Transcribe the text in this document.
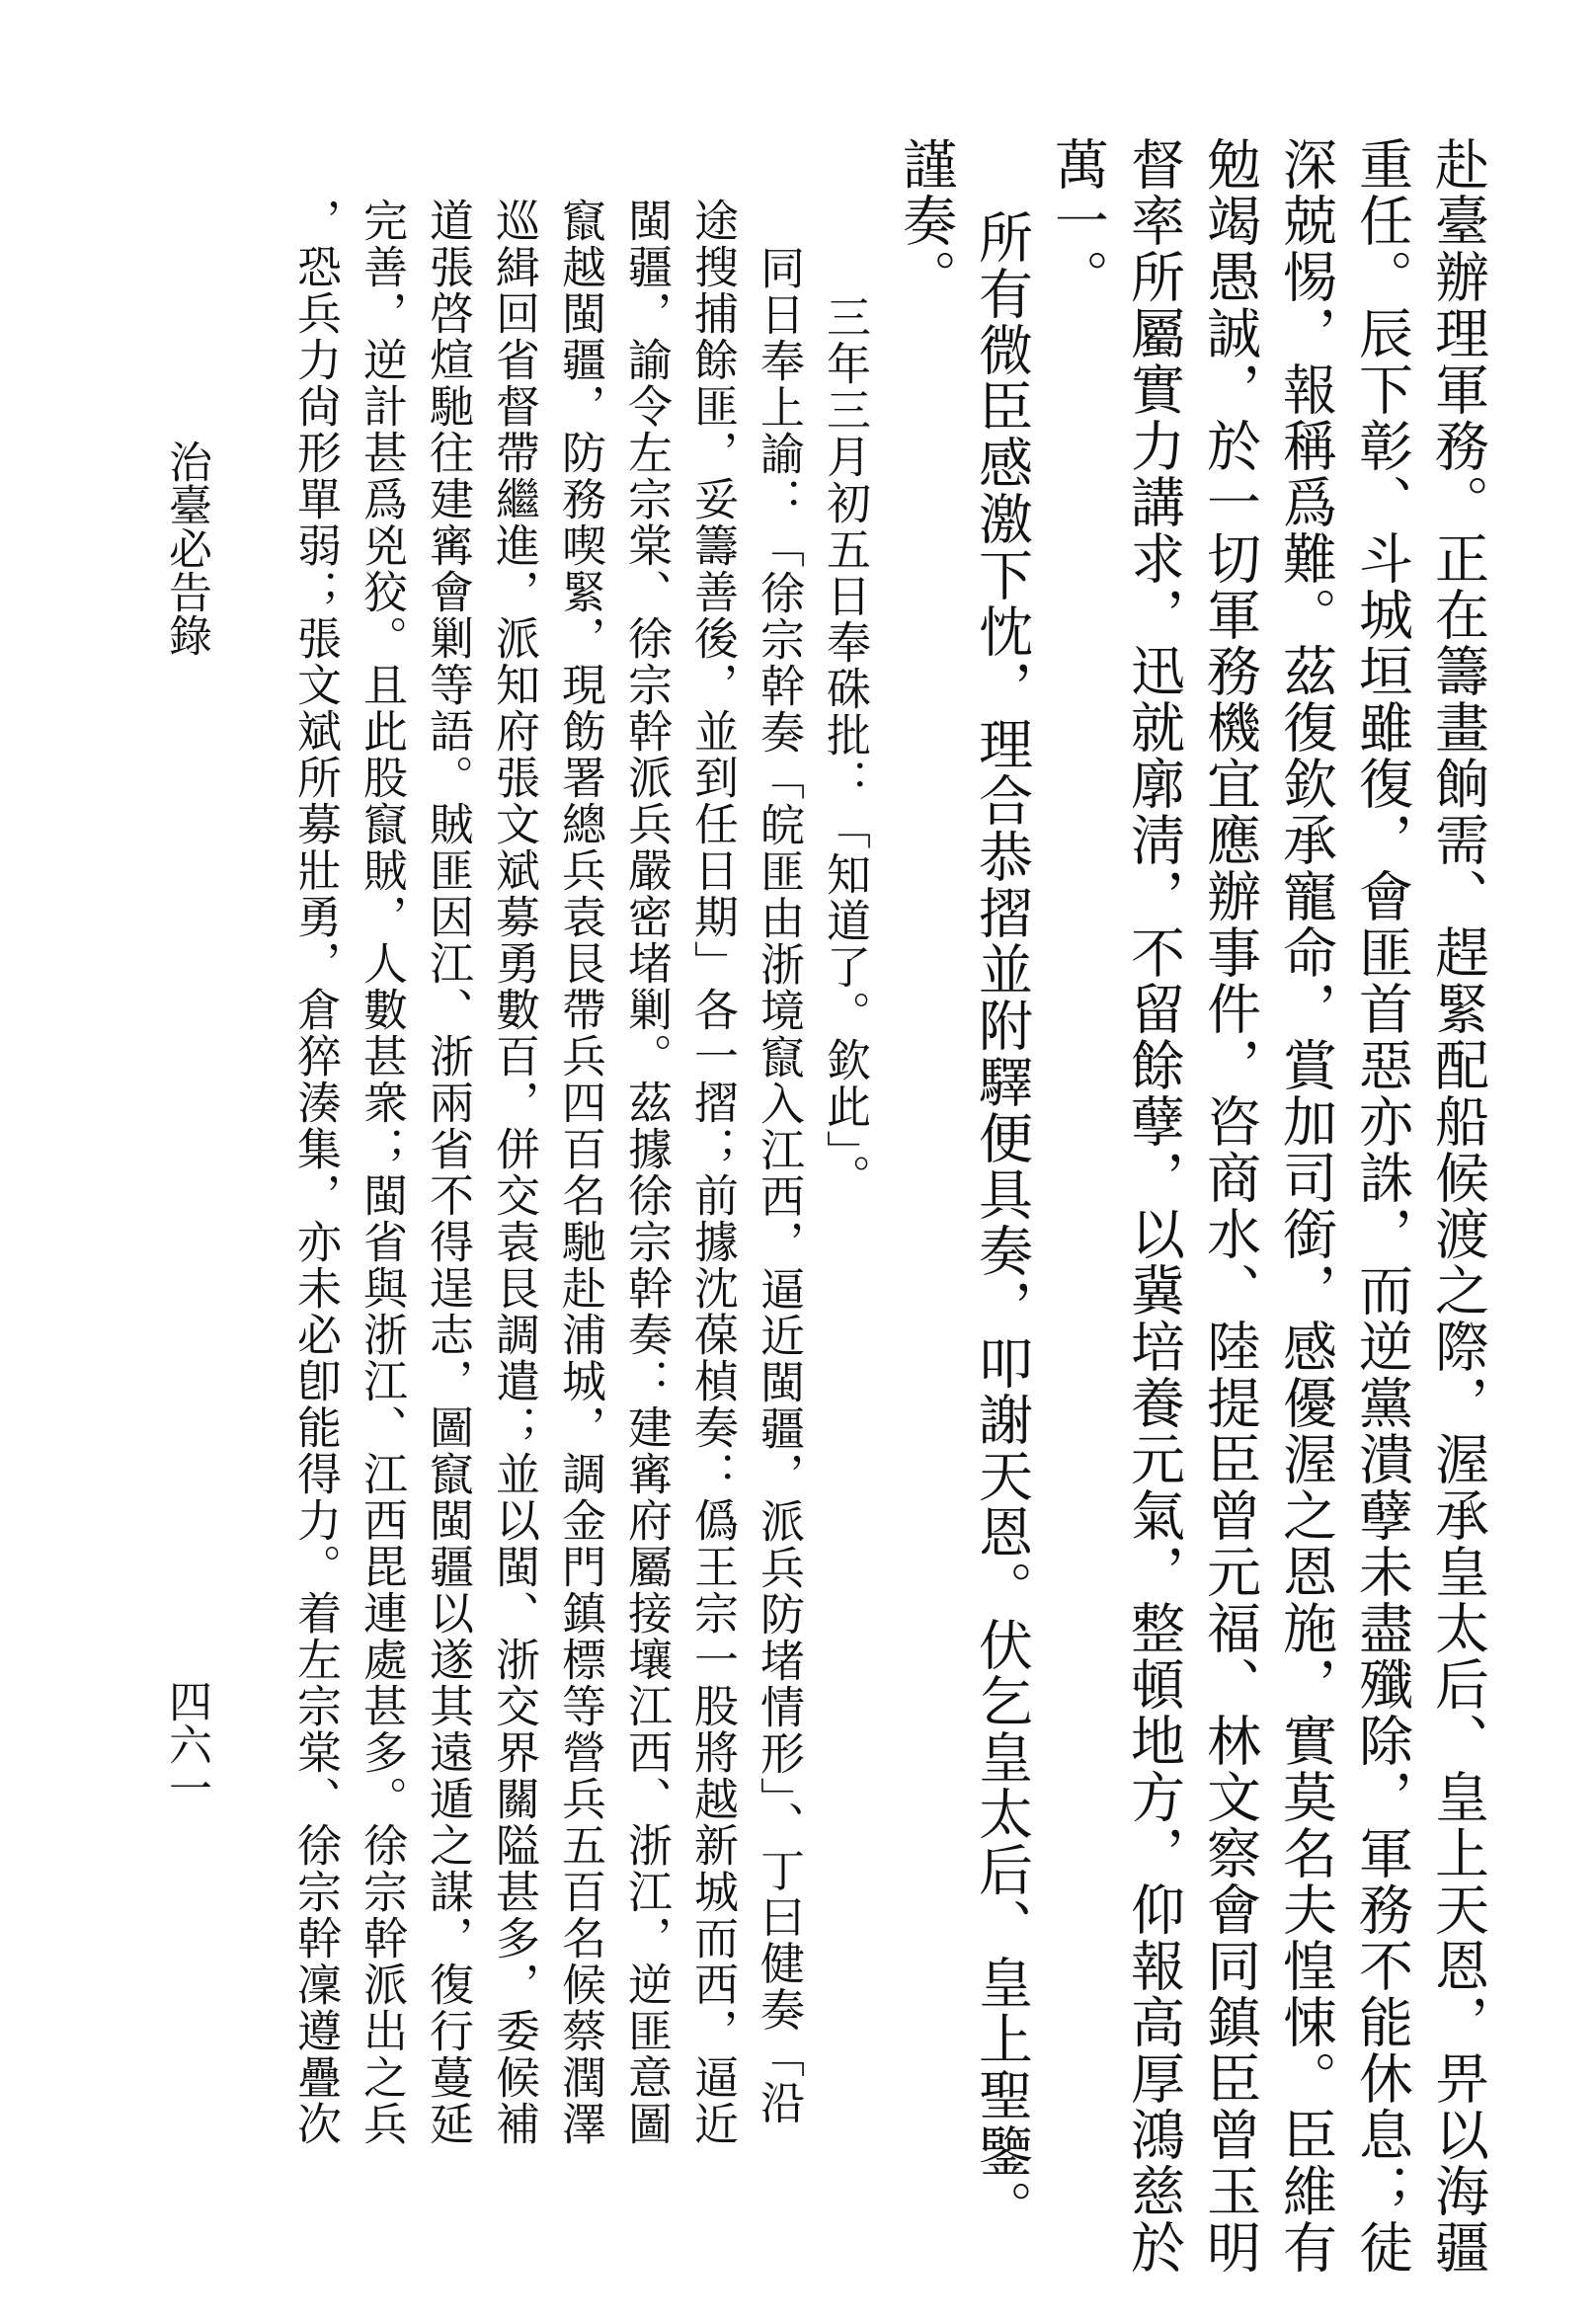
赴臺辦理軍務。正在籌畫餉需、趕緊配船候渡之際，渥承皇太后、皇上天恩，畀以海疆
重任。辰下彰、斗城垣雖復，會匪首惡亦誅，而逆黨潰孽未盡殲除，軍務不能休息；徒
深兢惕，報稱爲難。茲復欽承寵命，賞加司銜，感優渥之恩施，實莫名夫惶悚。臣維有
勉竭愚誠，於一切軍務機宜應辦事件，咨商水、陸提臣曾元福、林文察會同鎮臣曾玉明
督率所屬實力講求，迅就廓淸，不留餘孽，以冀培養元氣，整頓地方，仰報高厚鴻慈於
萬一。
所有微臣感激下忱，理合恭摺並附驛便具奏，叩謝天恩。伏乞皇太后、皇上聖鑒。
謹奏。
三年三月初五日奉硃批：「知道了。欽此」。
同日奉上諭：「徐宗幹奏「皖匪由浙境竄入江西，逼近閩疆，派兵防堵情形」、丁曰健奏「沿
途搜捕餘匪，妥籌善後，並到任日期」各一摺；前據沈葆楨奏：僞王宗一股將越新城而西，逼近
閩疆，諭令左宗棠、徐宗幹派兵嚴密堵剿。茲據徐宗幹奏：建寗府屬接壤江西、浙江，逆匪意圖
竄越閩疆，防務喫緊，現飭署總兵袁艮帶兵四百名馳赴浦城，調金門鎮標等營兵五百名候蔡潤澤
巡緝回省督帶繼進，派知府張文斌募勇數百，併交袁艮調遣；並以閩、浙交界關隘甚多，委候補
道張啓煊馳往建寗會剿等語。賊匪因江、浙兩省不得逞志，圖竄閩疆以遂其遠遁之謀，復行蔓延
完善，逆計甚爲兇狡。且此股竄賊，人數甚衆；閩省與浙江、江西毘連處甚多。徐宗幹派出之兵
，恐兵力尙形單弱；張文斌所募壯勇，倉猝湊集，亦未必卽能得力。着左宗棠、徐宗幹凜遵疊次
治臺必告錄
四六一
